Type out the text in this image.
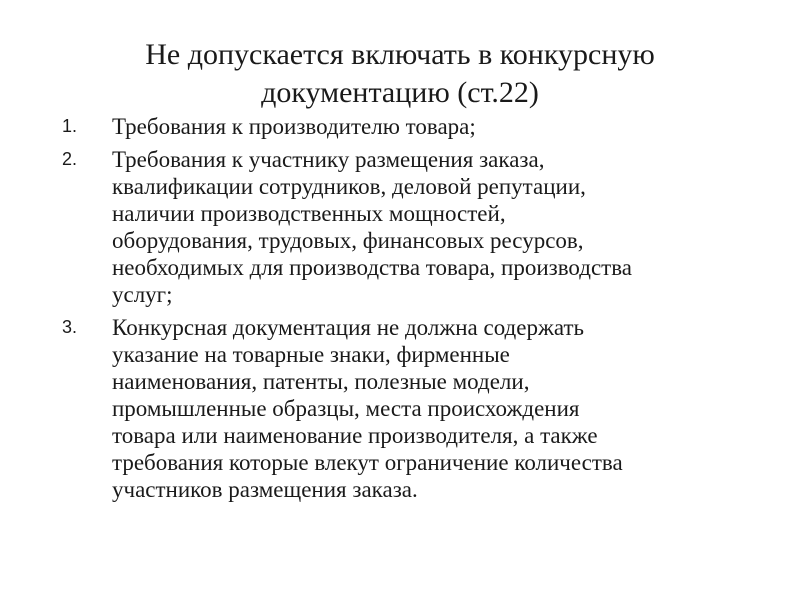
Не допускается включать в конкурсную
документацию (ст.22)
1. Требования к производителю товара;
2. Требования к участнику размещения заказа,
квалификации сотрудников, деловой репутации,
наличии производственных мощностей,
оборудования, трудовых, финансовых ресурсов,
необходимых для производства товара, производства
услуг;
3. Конкурсная документация не должна содержать
указание на товарные знаки, фирменные
наименования, патенты, полезные модели,
промышленные образцы, места происхождения
товара или наименование производителя, а также
требования которые влекут ограничение количества
участников размещения заказа.
